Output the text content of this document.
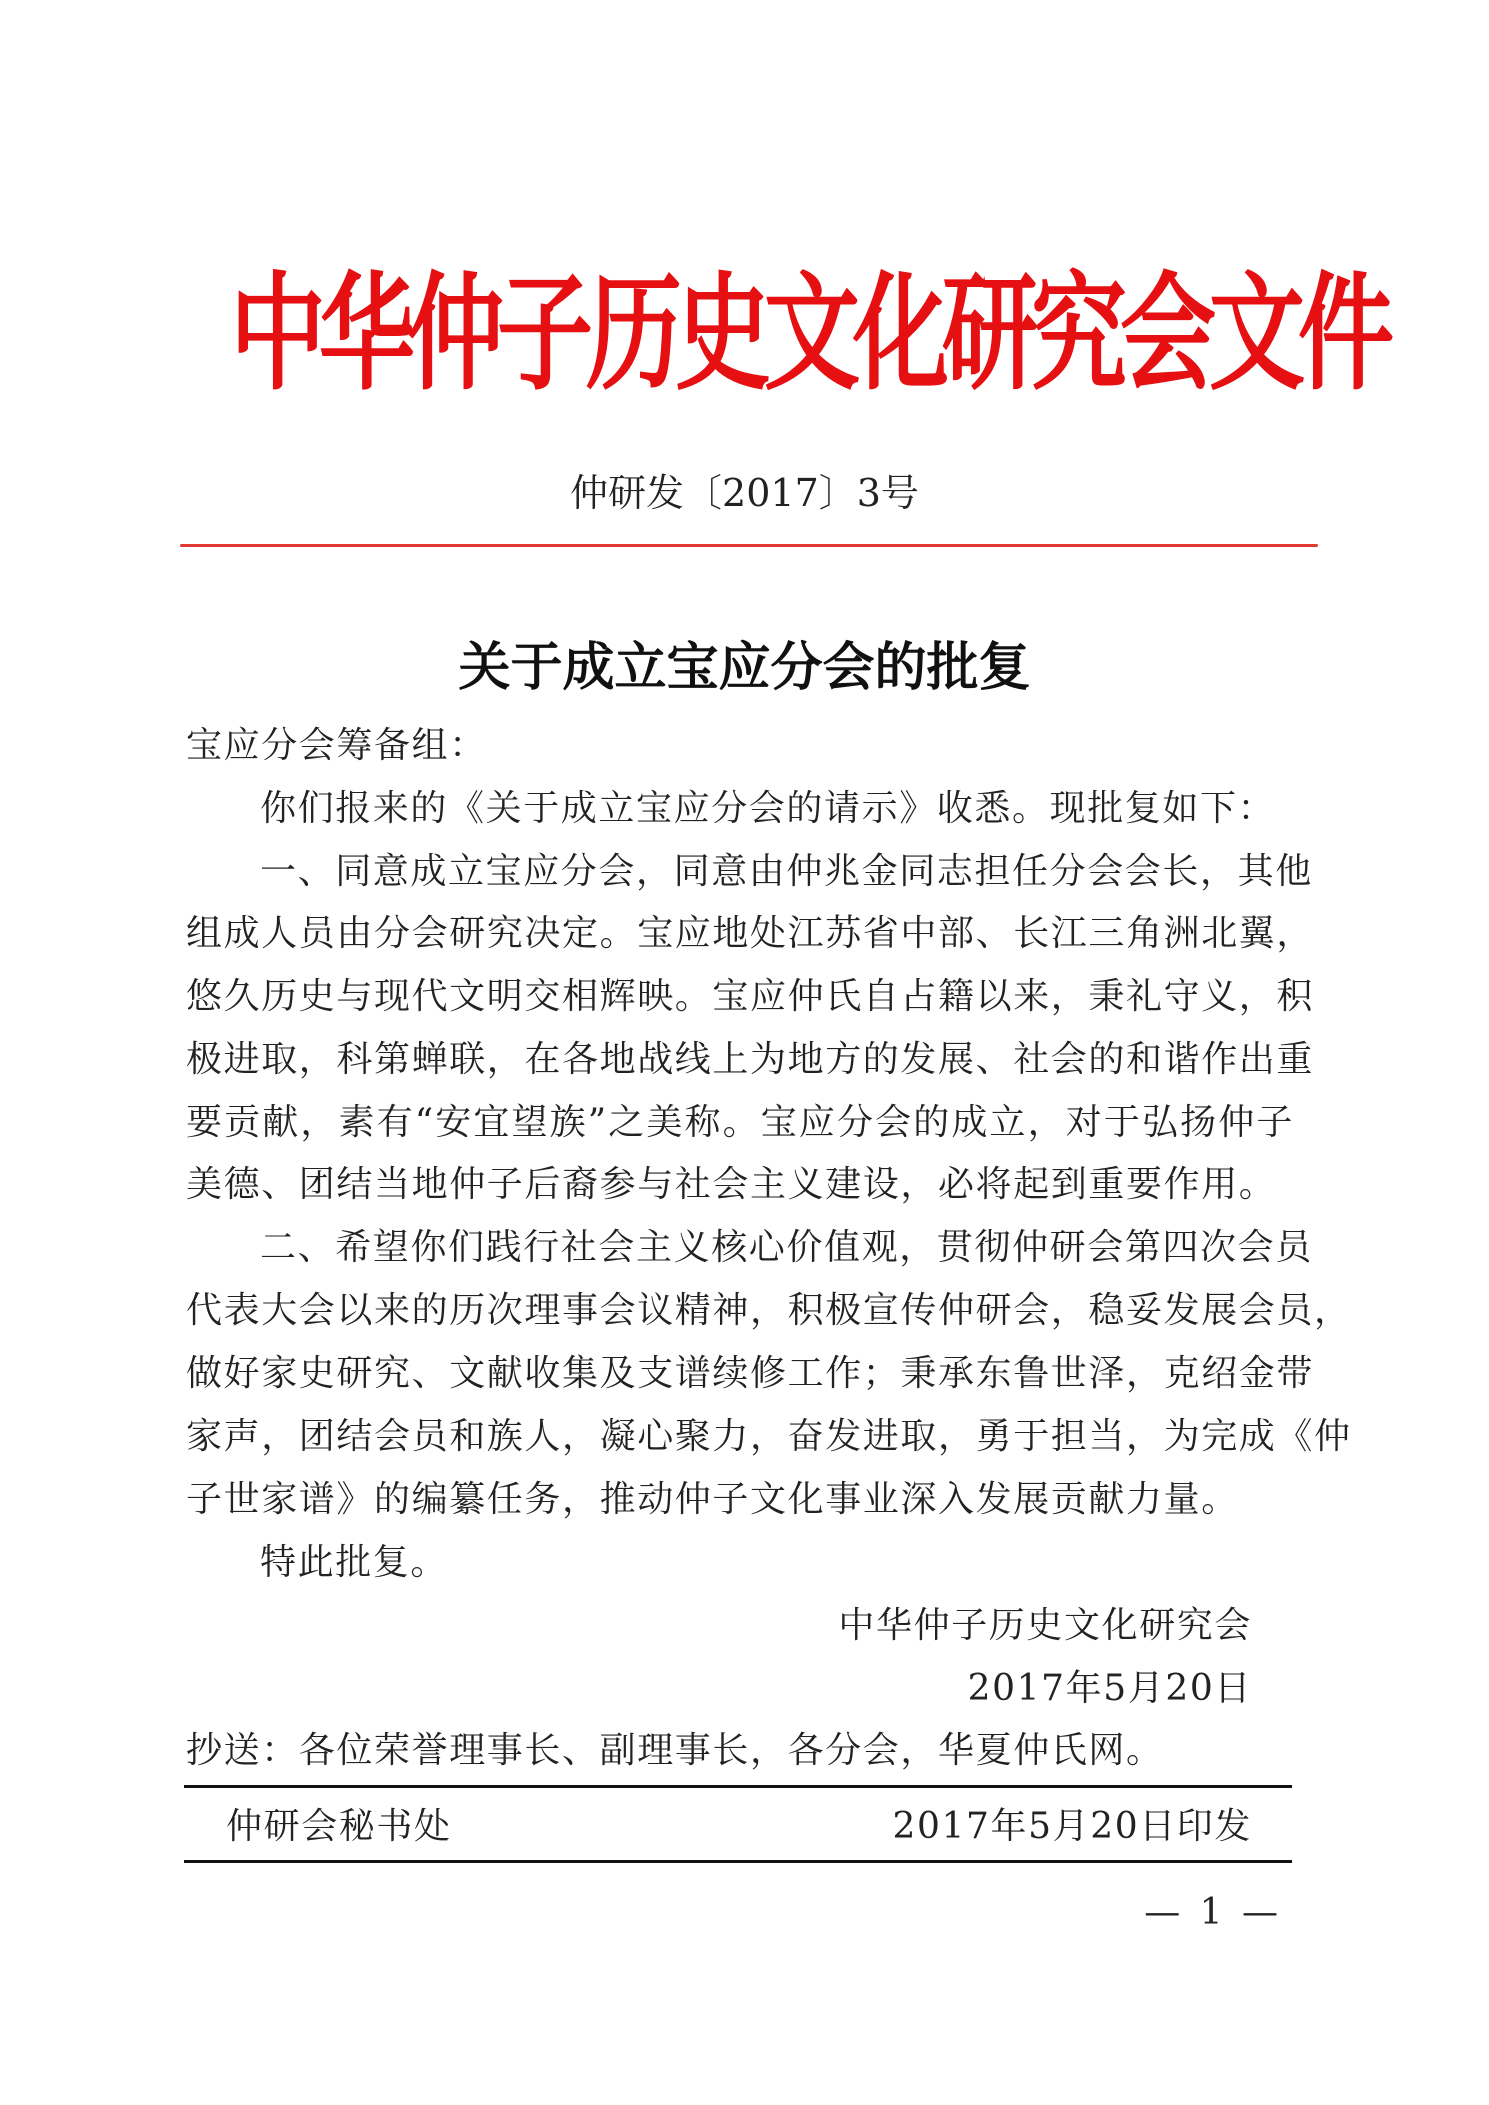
中华仲子历史文化研究会文件
仲研发〔2017〕3号
关于成立宝应分会的批复
宝应分会筹备组：
你们报来的《关于成立宝应分会的请示》收悉。现批复如下：
一、同意成立宝应分会，同意由仲兆金同志担任分会会长，其他
组成人员由分会研究决定。宝应地处江苏省中部、长江三角洲北翼，
悠久历史与现代文明交相辉映。宝应仲氏自占籍以来，秉礼守义，积
极进取，科第蝉联，在各地战线上为地方的发展、社会的和谐作出重
要贡献，素有“安宜望族”之美称。宝应分会的成立，对于弘扬仲子
美德、团结当地仲子后裔参与社会主义建设，必将起到重要作用。
二、希望你们践行社会主义核心价值观，贯彻仲研会第四次会员
代表大会以来的历次理事会议精神，积极宣传仲研会，稳妥发展会员，
做好家史研究、文献收集及支谱续修工作；秉承东鲁世泽，克绍金带
家声，团结会员和族人，凝心聚力，奋发进取，勇于担当，为完成《仲
子世家谱》的编纂任务，推动仲子文化事业深入发展贡献力量。
特此批复。
中华仲子历史文化研究会
2017年5月20日
抄送：各位荣誉理事长、副理事长，各分会，华夏仲氏网。
仲研会秘书处	2017年5月20日印发
— 1 —
